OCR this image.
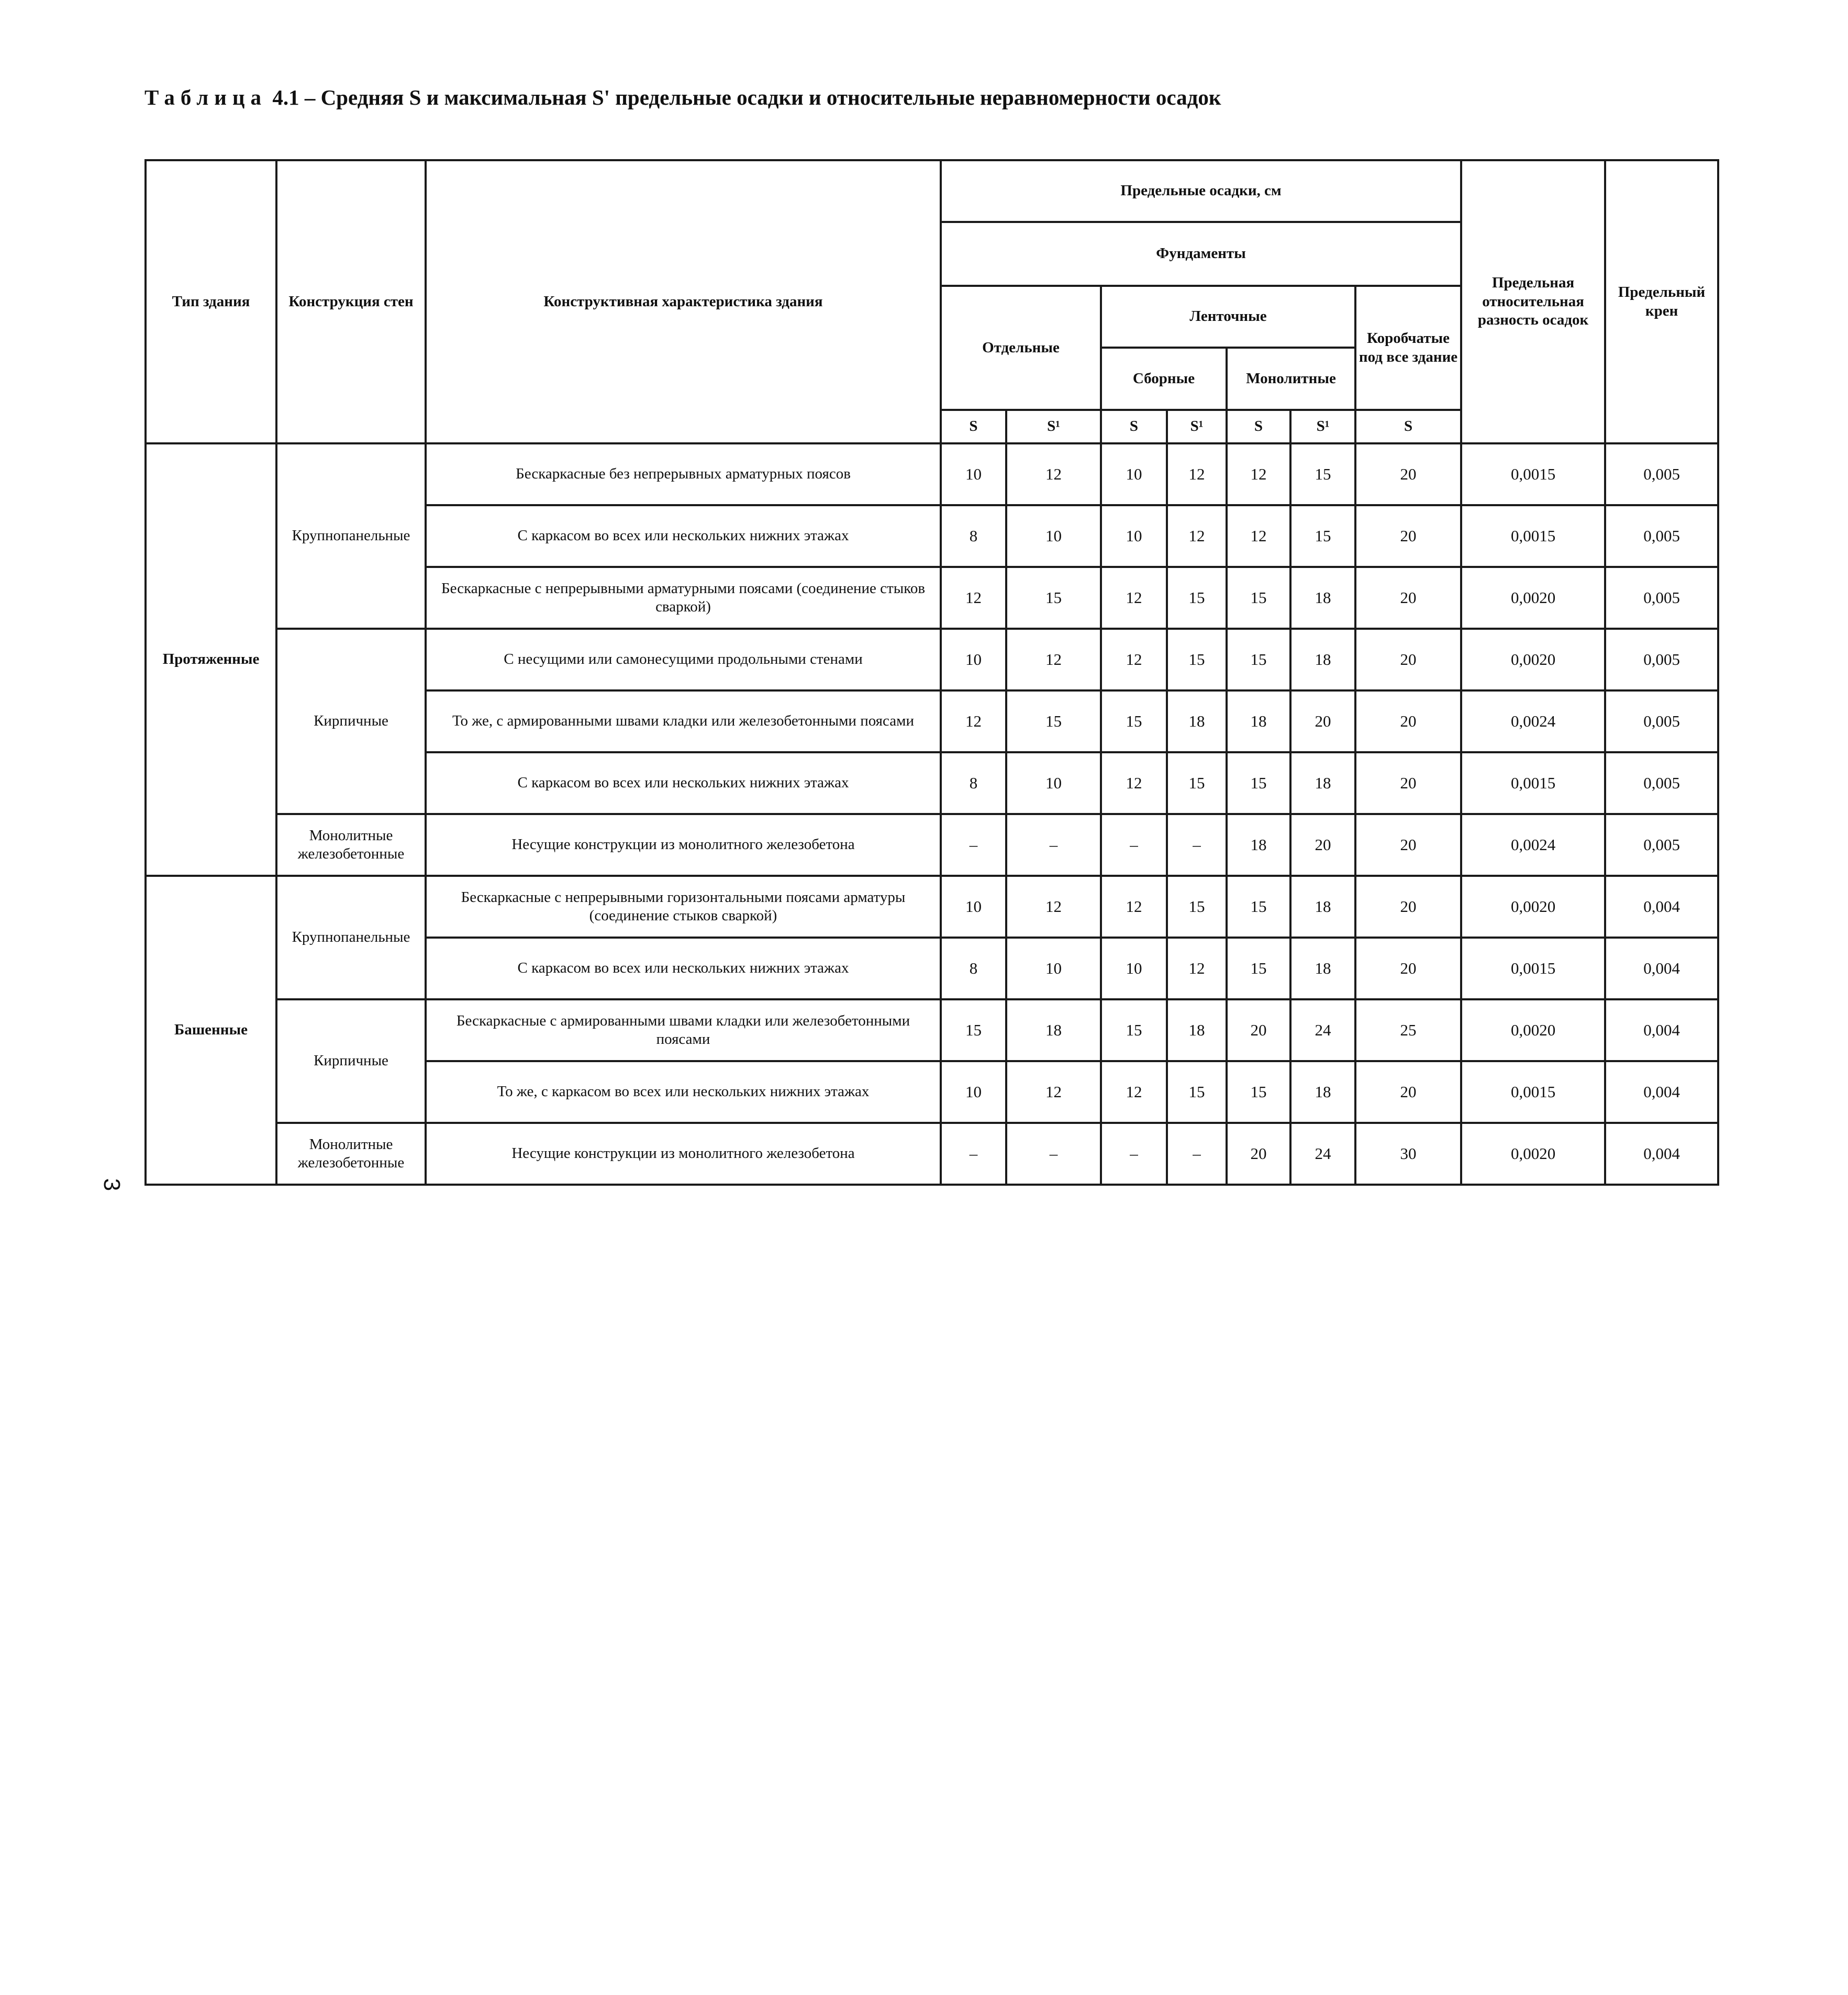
Таблица 4.1 – Средняя S и максимальная S' предельные осадки и относительные неравномерности осадок
Тип здания	Конструкция стен	Конструктивная характеристика здания	Предельные осадки, см							Предельная относительная разность осадок	Предельный крен
			Фундаменты								
			Отдельные		Ленточные				Коробчатые под все здание		
					Сборные		Монолитные				
			S	S¹	S	S¹	S	S¹	S		
Протяженные	Крупнопанельные	Бескаркасные без непрерывных арматурных поясов	10	12	10	12	12	15	20	0,0015	0,005
		С каркасом во всех или нескольких нижних этажах	8	10	10	12	12	15	20	0,0015	0,005
		Бескаркасные с непрерывными арматурными поясами (соединение стыков сваркой)	12	15	12	15	15	18	20	0,0020	0,005
	Кирпичные	С несущими или самонесущими продольными стенами	10	12	12	15	15	18	20	0,0020	0,005
		То же, с армированными швами кладки или железобетонными поясами	12	15	15	18	18	20	20	0,0024	0,005
		С каркасом во всех или нескольких нижних этажах	8	10	12	15	15	18	20	0,0015	0,005
	Монолитные железобетонные	Несущие конструкции из монолитного железобетона	–	–	–	–	18	20	20	0,0024	0,005
Башенные	Крупнопанельные	Бескаркасные с непрерывными горизонтальными поясами арматуры (соединение стыков сваркой)	10	12	12	15	15	18	20	0,0020	0,004
		С каркасом во всех или нескольких нижних этажах	8	10	10	12	15	18	20	0,0015	0,004
	Кирпичные	Бескаркасные с армированными швами кладки или железобетонными поясами	15	18	15	18	20	24	25	0,0020	0,004
		То же, с каркасом во всех или нескольких нижних этажах	10	12	12	15	15	18	20	0,0015	0,004
	Монолитные железобетонные	Несущие конструкции из монолитного железобетона	–	–	–	–	20	24	30	0,0020	0,004
3
